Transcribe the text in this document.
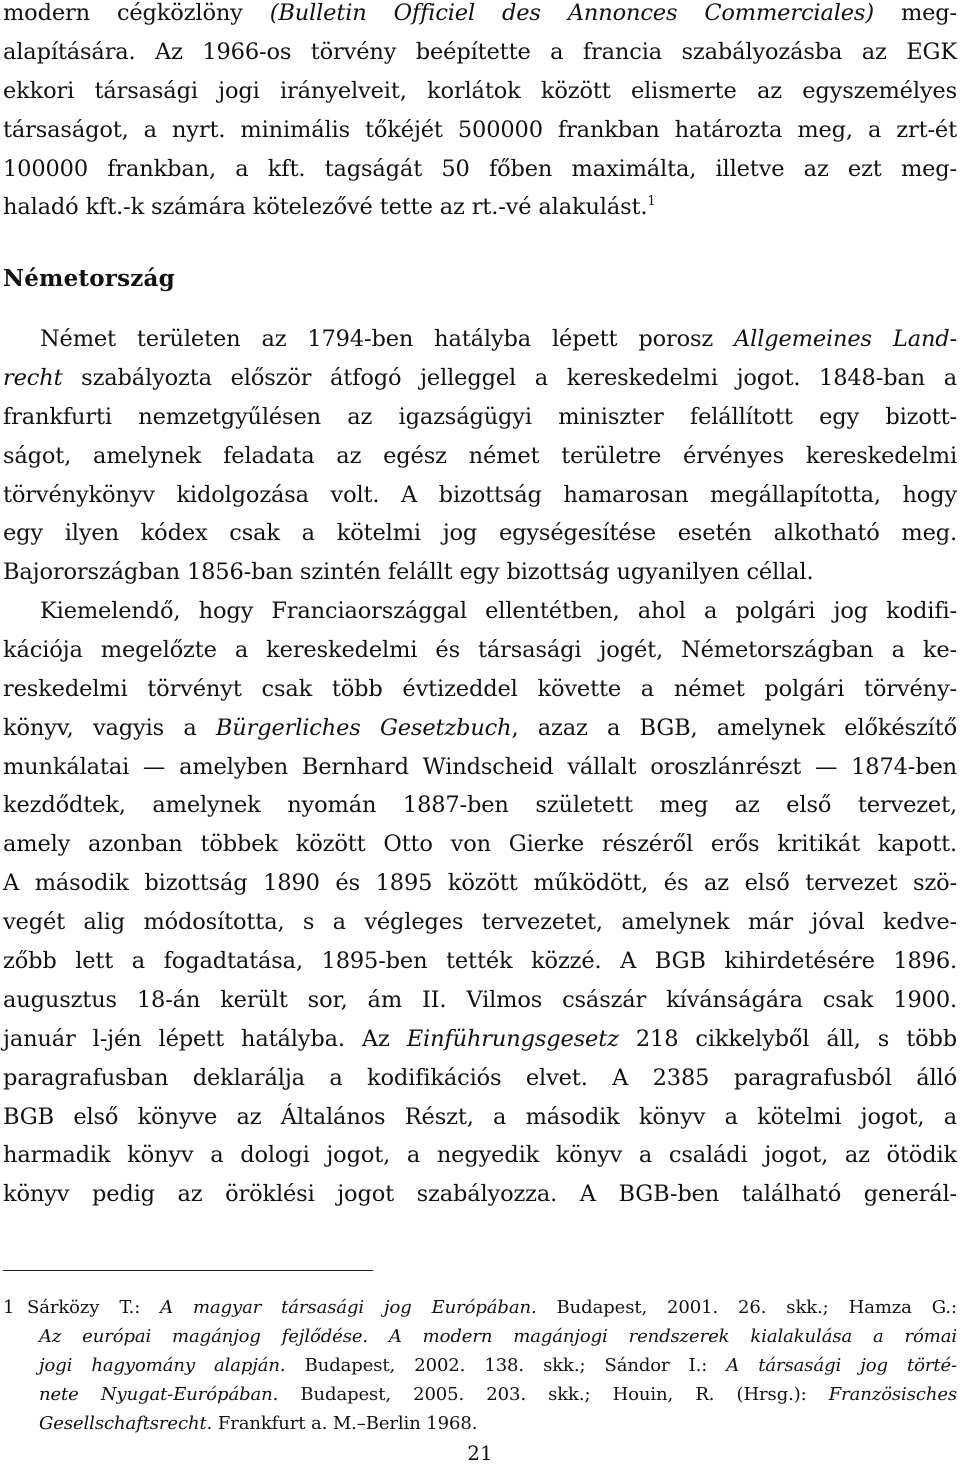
modern cégközlöny (Bulletin Officiel des Annonces Commerciales) meg-
alapítására. Az 1966-os törvény beépítette a francia szabályozásba az EGK
ekkori társasági jogi irányelveit, korlátok között elismerte az egyszemélyes
társaságot, a nyrt. minimális tőkéjét 500000 frankban határozta meg, a zrt-ét
100000 frankban, a kft. tagságát 50 főben maximálta, illetve az ezt meg-
haladó kft.-k számára kötelezővé tette az rt.-vé alakulást.$^1$
Németország
Német területen az 1794-ben hatályba lépett porosz Allgemeines Land-
recht szabályozta először átfogó jelleggel a kereskedelmi jogot. 1848-ban a
frankfurti nemzetgyűlésen az igazságügyi miniszter felállított egy bizott-
ságot, amelynek feladata az egész német területre érvényes kereskedelmi
törvénykönyv kidolgozása volt. A bizottság hamarosan megállapította, hogy
egy ilyen kódex csak a kötelmi jog egységesítése esetén alkotható meg.
Bajorországban 1856-ban szintén felállt egy bizottság ugyanilyen céllal.
Kiemelendő, hogy Franciaországgal ellentétben, ahol a polgári jog kodifi-
kációja megelőzte a kereskedelmi és társasági jogét, Németországban a ke-
reskedelmi törvényt csak több évtizeddel követte a német polgári törvény-
könyv, vagyis a Bürgerliches Gesetzbuch, azaz a BGB, amelynek előkészítő
munkálatai — amelyben Bernhard Windscheid vállalt oroszlánrészt — 1874-ben
kezdődtek, amelynek nyomán 1887-ben született meg az első tervezet,
amely azonban többek között Otto von Gierke részéről erős kritikát kapott.
A második bizottság 1890 és 1895 között működött, és az első tervezet szö-
vegét alig módosította, s a végleges tervezetet, amelynek már jóval kedve-
zőbb lett a fogadtatása, 1895-ben tették közzé. A BGB kihirdetésére 1896.
augusztus 18-án került sor, ám II. Vilmos császár kívánságára csak 1900.
január l-jén lépett hatályba. Az Einführungsgesetz 218 cikkelyből áll, s több
paragrafusban deklarálja a kodifikációs elvet. A 2385 paragrafusból álló
BGB első könyve az Általános Részt, a második könyv a kötelmi jogot, a
harmadik könyv a dologi jogot, a negyedik könyv a családi jogot, az ötödik
könyv pedig az öröklési jogot szabályozza. A BGB-ben található generál-
1 Sárközy T.: A magyar társasági jog Európában. Budapest, 2001. 26. skk.; Hamza G.:
Az európai magánjog fejlődése. A modern magánjogi rendszerek kialakulása a római
jogi hagyomány alapján. Budapest, 2002. 138. skk.; Sándor I.: A társasági jog törté-
nete Nyugat-Európában. Budapest, 2005. 203. skk.; Houin, R. (Hrsg.): Französisches
Gesellschaftsrecht. Frankfurt a. M.–Berlin 1968.
21
